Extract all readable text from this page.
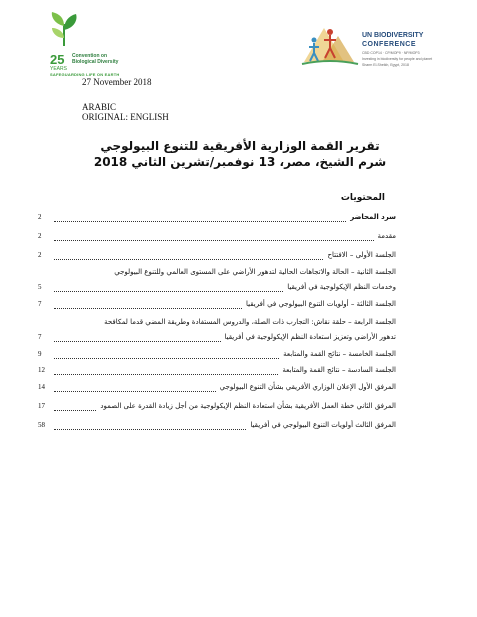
25
YEARS
Convention on
Biological Diversity
SAFEGUARDING LIFE ON EARTH
UN BIODIVERSITY
CONFERENCE
CBD COP14 · CP/MOP9 · NP/MOP3
Investing in biodiversity for people and planet
Sharm El-Sheikh, Egypt, 2018
27 November 2018
ARABIC
ORIGINAL: ENGLISH
تقرير القمة الوزارية الأفريقية للتنوع البيولوجي
شرم الشيخ، مصر، 13 نوفمبر/تشرين الثاني 2018
المحتويات
2	سرد المحاضر
2	مقدمة
2	الجلسة الأولى – الافتتاح
الجلسة الثانية – الحالة والاتجاهات الحالية لتدهور الأراضي على المستوى العالمي وللتنوع البيولوجي
5	وخدمات النظم الإيكولوجية في أفريقيا
7	الجلسة الثالثة – أولويات التنوع البيولوجي في أفريقيا
الجلسة الرابعة – حلقة نقاش: التجارب ذات الصلة، والدروس المستفادة وطريقة المضي قدما لمكافحة
7	تدهور الأراضي وتعزيز استعادة النظم الإيكولوجية في أفريقيا
9	الجلسة الخامسة – نتائج القمة والمتابعة
12	الجلسة السادسة – نتائج القمة والمتابعة
14	المرفق الأول الإعلان الوزاري الأفريقي بشأن التنوع البيولوجي
17	المرفق الثاني خطة العمل الأفريقية بشأن استعادة النظم الإيكولوجية من أجل زيادة القدرة على الصمود
58	المرفق الثالث أولويات التنوع البيولوجي في أفريقيا
